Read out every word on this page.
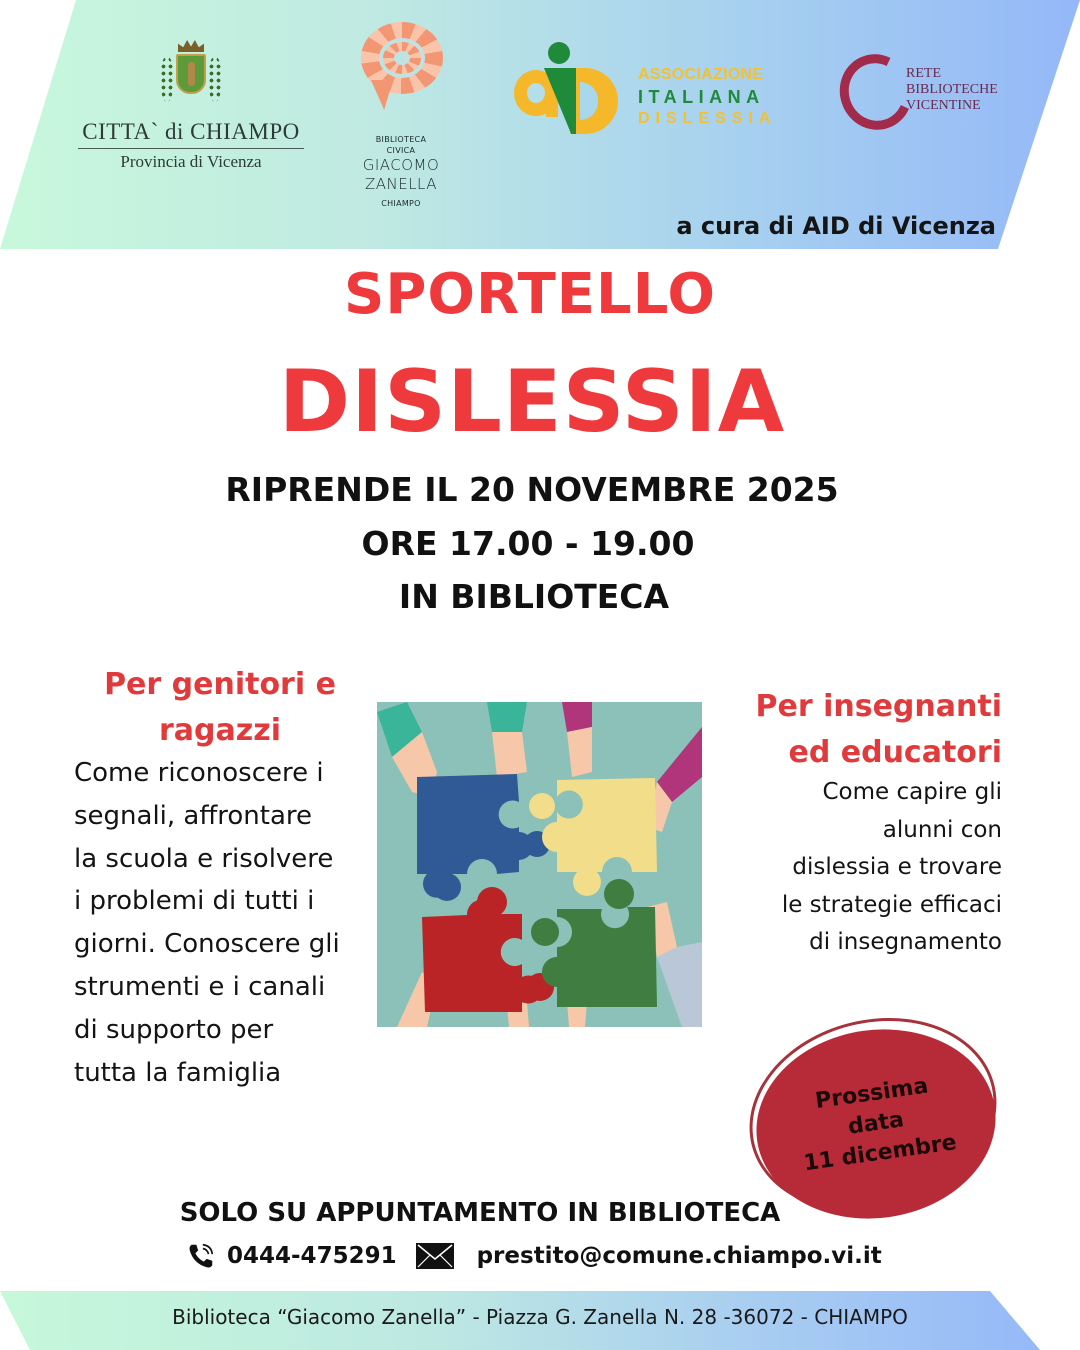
CITTA` di CHIAMPO
Provincia di Vicenza
BIBLIOTECA
CIVICA
GIACOMO
ZANELLA
CHIAMPO
ASSOCIAZIONE
ITALIANA
DISLESSIA
RETE
BIBLIOTECHE
VICENTINE
a cura di AID di Vicenza
SPORTELLO
DISLESSIA
RIPRENDE IL 20 NOVEMBRE 2025
ORE 17.00 - 19.00
IN BIBLIOTECA
Per genitori e
ragazzi
Come riconoscere i
segnali, affrontare
la scuola e risolvere
i problemi di tutti i
giorni. Conoscere gli
strumenti e i canali
di supporto per
tutta la famiglia
Per insegnanti
ed educatori
Come capire gli
alunni con
dislessia e trovare
le strategie efficaci
di insegnamento
Prossima
data
11 dicembre
SOLO SU APPUNTAMENTO IN BIBLIOTECA
0444-475291	prestito@comune.chiampo.vi.it
Biblioteca “Giacomo Zanella” - Piazza G. Zanella N. 28 -36072 - CHIAMPO
